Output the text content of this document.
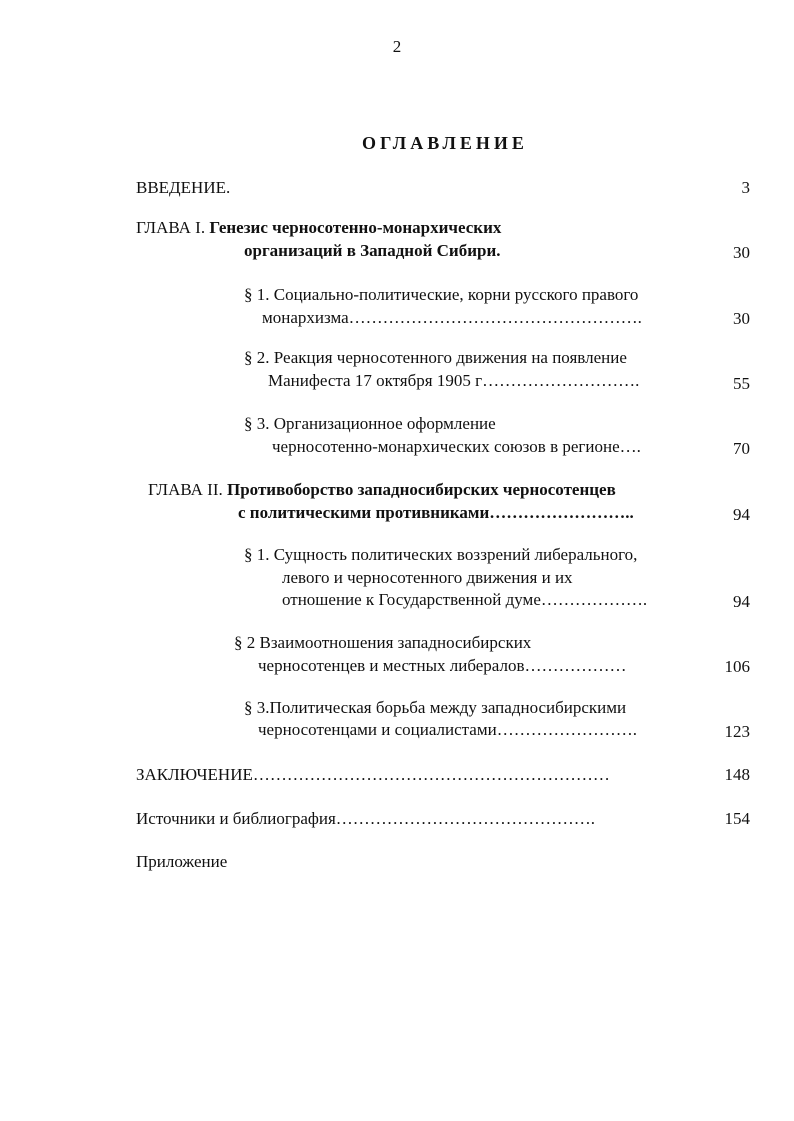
2
ОГЛАВЛЕНИЕ
ВВЕДЕНИЕ.	3
ГЛАВА I. Генезис черносотенно-монархических
организаций в Западной Сибири.	30
§ 1. Социально-политические, корни русского правого
монархизма…………………………………………….	30
§ 2. Реакция черносотенного движения на появление
Манифеста 17 октября 1905 г……………………….	55
§ 3. Организационное оформление
черносотенно-монархических союзов в регионе….	70
ГЛАВА II. Противоборство западносибирских черносотенцев
с политическими противниками……………………..	94
§ 1. Сущность политических воззрений либерального,
левого и черносотенного движения и их
отношение к Государственной думе……………….	94
§ 2 Взаимоотношения западносибирских
черносотенцев и местных либералов………………	106
§ 3.Политическая борьба между западносибирскими
черносотенцами и социалистами…………………….	123
ЗАКЛЮЧЕНИЕ………………………………………………………	148
Источники и библиография……………………………………….	154
Приложение
